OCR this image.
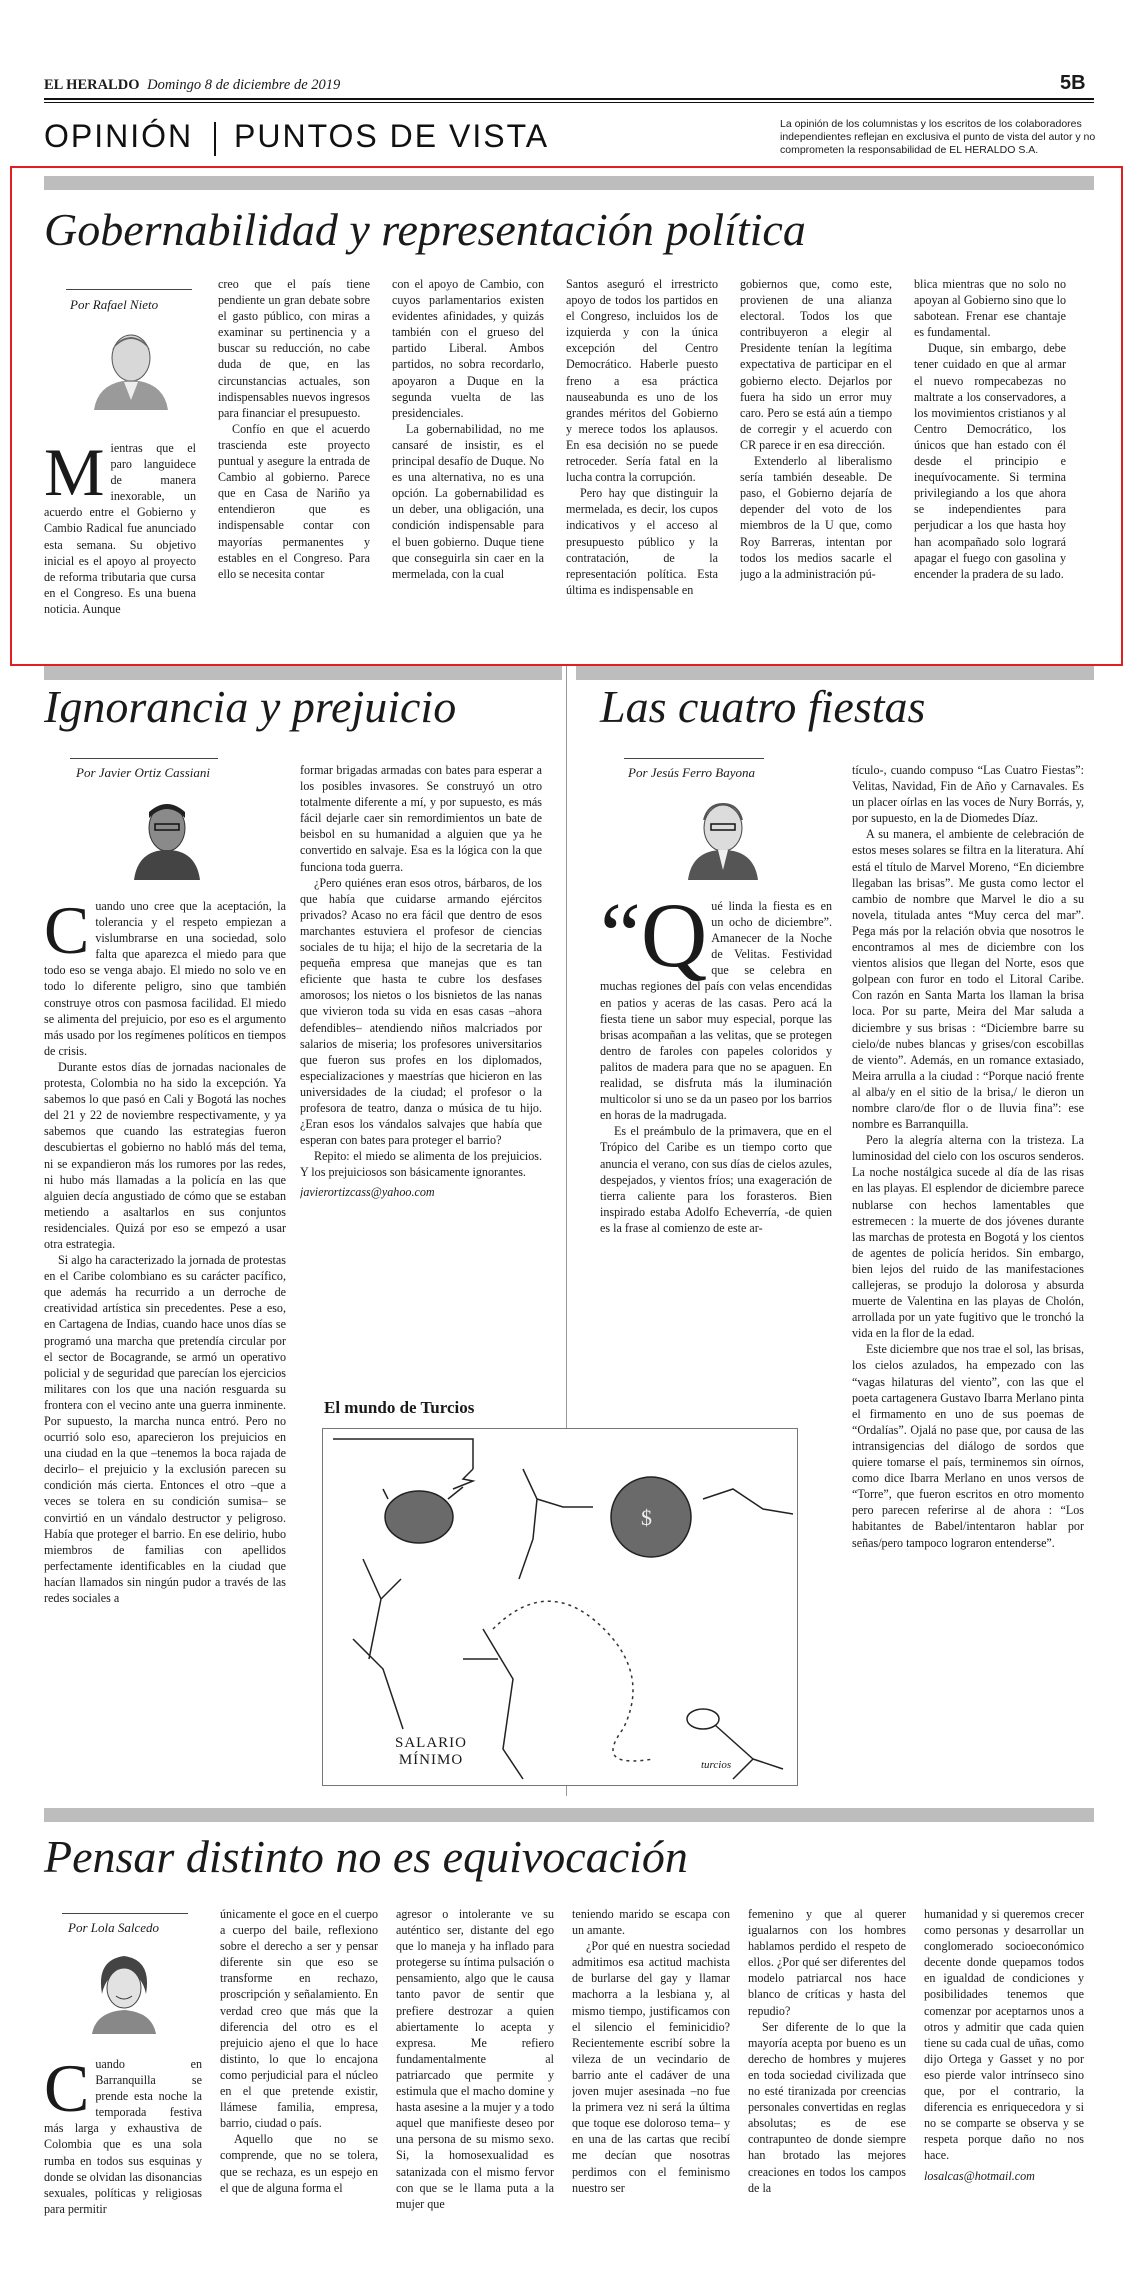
EL HERALDO Domingo 8 de diciembre de 2019	5B
OPINIÓN PUNTOS DE VISTA	La opinión de los columnistas y los escritos de los colaboradores independientes reflejan en exclusiva el punto de vista del autor y no comprometen la responsabilidad de EL HERALDO S.A.
Gobernabilidad y representación política
Por Rafael Nieto
M ientras que el paro languidece de manera inexorable, un acuerdo entre el Gobierno y Cambio Radical fue anunciado esta semana. Su objetivo inicial es el apoyo al proyecto de reforma tributaria que cursa en el Congreso. Es una buena noticia. Aunque

creo que el país tiene pendiente un gran debate sobre el gasto público, con miras a examinar su pertinencia y a buscar su reducción, no cabe duda de que, en las circunstancias actuales, son indispensables nuevos ingresos para financiar el presupuesto.

Confío en que el acuerdo trascienda este proyecto puntual y asegure la entrada de Cambio al gobierno. Parece que en Casa de Nariño ya entendieron que es indispensable contar con mayorías permanentes y estables en el Congreso. Para ello se necesita contar

con el apoyo de Cambio, con cuyos parlamentarios existen evidentes afinidades, y quizás también con el grueso del partido Liberal. Ambos partidos, no sobra recordarlo, apoyaron a Duque en la segunda vuelta de las presidenciales.

La gobernabilidad, no me cansaré de insistir, es el principal desafío de Duque. No es una alternativa, no es una opción. La gobernabilidad es un deber, una obligación, una condición indispensable para el buen gobierno. Duque tiene que conseguirla sin caer en la mermelada, con la cual

Santos aseguró el irrestricto apoyo de todos los partidos en el Congreso, incluidos los de izquierda y con la única excepción del Centro Democrático. Haberle puesto freno a esa práctica nauseabunda es uno de los grandes méritos del Gobierno y merece todos los aplausos. En esa decisión no se puede retroceder. Sería fatal en la lucha contra la corrupción.

Pero hay que distinguir la mermelada, es decir, los cupos indicativos y el acceso al presupuesto público y la contratación, de la representación política. Esta última es indispensable en

gobiernos que, como este, provienen de una alianza electoral. Todos los que contribuyeron a elegir al Presidente tenían la legítima expectativa de participar en el gobierno electo. Dejarlos por fuera ha sido un error muy caro. Pero se está aún a tiempo de corregir y el acuerdo con CR parece ir en esa dirección.

Extenderlo al liberalismo sería también deseable. De paso, el Gobierno dejaría de depender del voto de los miembros de la U que, como Roy Barreras, intentan por todos los medios sacarle el jugo a la administración pú-

blica mientras que no solo no apoyan al Gobierno sino que lo sabotean. Frenar ese chantaje es fundamental.

Duque, sin embargo, debe tener cuidado en que al armar el nuevo rompecabezas no maltrate a los conservadores, a los movimientos cristianos y al Centro Democrático, los únicos que han estado con él desde el principio e inequívocamente. Si termina privilegiando a los que ahora se independientes para perjudicar a los que hasta hoy han acompañado solo logrará apagar el fuego con gasolina y encender la pradera de su lado.

Ignorancia y prejuicio
Por Javier Ortiz Cassiani
C uando uno cree que la aceptación, la tolerancia y el respeto empiezan a vislumbrarse en una sociedad, solo falta que aparezca el miedo para que todo eso se venga abajo. El miedo no solo ve en todo lo diferente peligro, sino que también construye otros con pasmosa facilidad. El miedo se alimenta del prejuicio, por eso es el argumento más usado por los regímenes políticos en tiempos de crisis.

Durante estos días de jornadas nacionales de protesta, Colombia no ha sido la excepción. Ya sabemos lo que pasó en Cali y Bogotá las noches del 21 y 22 de noviembre respectivamente, y ya sabemos que cuando las estrategias fueron descubiertas el gobierno no habló más del tema, ni se expandieron más los rumores por las redes, ni hubo más llamadas a la policía en las que alguien decía angustiado de cómo que se estaban metiendo a asaltarlos en sus conjuntos residenciales. Quizá por eso se empezó a usar otra estrategia.

Si algo ha caracterizado la jornada de protestas en el Caribe colombiano es su carácter pacífico, que además ha recurrido a un derroche de creatividad artística sin precedentes. Pese a eso, en Cartagena de Indias, cuando hace unos días se programó una marcha que pretendía circular por el sector de Bocagrande, se armó un operativo policial y de seguridad que parecían los ejercicios militares con los que una nación resguarda su frontera con el vecino ante una guerra inminente. Por supuesto, la marcha nunca entró. Pero no ocurrió solo eso, aparecieron los prejuicios en una ciudad en la que –tenemos la boca rajada de decirlo– el prejuicio y la exclusión parecen su condición más cierta. Entonces el otro –que a veces se tolera en su condición sumisa– se convirtió en un vándalo destructor y peligroso. Había que proteger el barrio. En ese delirio, hubo miembros de familias con apellidos perfectamente identificables en la ciudad que hacían llamados sin ningún pudor a través de las redes sociales a

formar brigadas armadas con bates para esperar a los posibles invasores. Se construyó un otro totalmente diferente a mí, y por supuesto, es más fácil dejarle caer sin remordimientos un bate de beisbol en su humanidad a alguien que ya he convertido en salvaje. Esa es la lógica con la que funciona toda guerra.

¿Pero quiénes eran esos otros, bárbaros, de los que había que cuidarse armando ejércitos privados? Acaso no era fácil que dentro de esos marchantes estuviera el profesor de ciencias sociales de tu hija; el hijo de la secretaria de la pequeña empresa que manejas que es tan eficiente que hasta te cubre los desfases amorosos; los nietos o los bisnietos de las nanas que vivieron toda su vida en esas casas –ahora defendibles– atendiendo niños malcriados por salarios de miseria; los profesores universitarios que fueron sus profes en los diplomados, especializaciones y maestrías que hicieron en las universidades de la ciudad; el profesor o la profesora de teatro, danza o música de tu hijo. ¿Eran esos los vándalos salvajes que había que esperan con bates para proteger el barrio?

Repito: el miedo se alimenta de los prejuicios. Y los prejuiciosos son básicamente ignorantes.

javierortizcass@yahoo.com

El mundo de Turcios
$
SALARIO
MÍNIMO	turcios
Las cuatro fiestas
Por Jesús Ferro Bayona
“Q ué linda la fiesta es en un ocho de diciembre”. Amanecer de la Noche de Velitas. Festividad que se celebra en muchas regiones del país con velas encendidas en patios y aceras de las casas. Pero acá la fiesta tiene un sabor muy especial, porque las brisas acompañan a las velitas, que se protegen dentro de faroles con papeles coloridos y palitos de madera para que no se apaguen. En realidad, se disfruta más la iluminación multicolor si uno se da un paseo por los barrios en horas de la madrugada.

Es el preámbulo de la primavera, que en el Trópico del Caribe es un tiempo corto que anuncia el verano, con sus días de cielos azules, despejados, y vientos fríos; una exageración de tierra caliente para los forasteros. Bien inspirado estaba Adolfo Echeverría, -de quien es la frase al comienzo de este ar-

tículo-, cuando compuso “Las Cuatro Fiestas”: Velitas, Navidad, Fin de Año y Carnavales. Es un placer oírlas en las voces de Nury Borrás, y, por supuesto, en la de Diomedes Díaz.

A su manera, el ambiente de celebración de estos meses solares se filtra en la literatura. Ahí está el título de Marvel Moreno, “En diciembre llegaban las brisas”. Me gusta como lector el cambio de nombre que Marvel le dio a su novela, titulada antes “Muy cerca del mar”. Pega más por la relación obvia que nosotros le encontramos al mes de diciembre con los vientos alisios que llegan del Norte, esos que golpean con furor en todo el Litoral Caribe. Con razón en Santa Marta los llaman la brisa loca. Por su parte, Meira del Mar saluda a diciembre y sus brisas : “Diciembre barre su cielo/de nubes blancas y grises/con escobillas de viento”. Además, en un romance extasiado, Meira arrulla a la ciudad : “Porque nació frente al alba/y en el sitio de la brisa,/ le dieron un nombre claro/de flor o de lluvia fina”: ese nombre es Barranquilla.

Pero la alegría alterna con la tristeza. La luminosidad del cielo con los oscuros senderos. La noche nostálgica sucede al día de las risas en las playas. El esplendor de diciembre parece nublarse con hechos lamentables que estremecen : la muerte de dos jóvenes durante las marchas de protesta en Bogotá y los cientos de agentes de policía heridos. Sin embargo, bien lejos del ruido de las manifestaciones callejeras, se produjo la dolorosa y absurda muerte de Valentina en las playas de Cholón, arrollada por un yate fugitivo que le tronchó la vida en la flor de la edad.

Este diciembre que nos trae el sol, las brisas, los cielos azulados, ha empezado con las “vagas hilaturas del viento”, con las que el poeta cartagenera Gustavo Ibarra Merlano pinta el firmamento en uno de sus poemas de “Ordalías”. Ojalá no pase que, por causa de las intransigencias del diálogo de sordos que quiere tomarse el país, terminemos sin oírnos, como dice Ibarra Merlano en unos versos de “Torre”, que fueron escritos en otro momento pero parecen referirse al de ahora : “Los habitantes de Babel/intentaron hablar por señas/pero tampoco lograron entenderse”.

Pensar distinto no es equivocación
Por Lola Salcedo
C uando en Barranquilla se prende esta noche la temporada festiva más larga y exhaustiva de Colombia que es una sola rumba en todos sus esquinas y donde se olvidan las disonancias sexuales, políticas y religiosas para permitir

únicamente el goce en el cuerpo a cuerpo del baile, reflexiono sobre el derecho a ser y pensar diferente sin que eso se transforme en rechazo, proscripción y señalamiento. En verdad creo que más que la diferencia del otro es el prejuicio ajeno el que lo hace distinto, lo que lo encajona como perjudicial para el núcleo en el que pretende existir, llámese familia, empresa, barrio, ciudad o país.

Aquello que no se comprende, que no se tolera, que se rechaza, es un espejo en el que de alguna forma el

agresor o intolerante ve su auténtico ser, distante del ego que lo maneja y ha inflado para protegerse su íntima pulsación o pensamiento, algo que le causa tanto pavor de sentir que prefiere destrozar a quien abiertamente lo acepta y expresa. Me refiero fundamentalmente al patriarcado que permite y estimula que el macho domine y hasta asesine a la mujer y a todo aquel que manifieste deseo por una persona de su mismo sexo. Si, la homosexualidad es satanizada con el mismo fervor con que se le llama puta a la mujer que

teniendo marido se escapa con un amante.

¿Por qué en nuestra sociedad admitimos esa actitud machista de burlarse del gay y llamar machorra a la lesbiana y, al mismo tiempo, justificamos con el silencio el feminicidio? Recientemente escribí sobre la vileza de un vecindario de barrio ante el cadáver de una joven mujer asesinada –no fue la primera vez ni será la última que toque ese doloroso tema– y en una de las cartas que recibí me decían que nosotras perdimos con el feminismo nuestro ser

femenino y que al querer igualarnos con los hombres hablamos perdido el respeto de ellos. ¿Por qué ser diferentes del modelo patriarcal nos hace blanco de críticas y hasta del repudio?

Ser diferente de lo que la mayoría acepta por bueno es un derecho de hombres y mujeres en toda sociedad civilizada que no esté tiranizada por creencias personales convertidas en reglas absolutas; es de ese contrapunteo de donde siempre han brotado las mejores creaciones en todos los campos de la

humanidad y si queremos crecer como personas y desarrollar un conglomerado socioeconómico decente donde quepamos todos en igualdad de condiciones y posibilidades tenemos que comenzar por aceptarnos unos a otros y admitir que cada quien tiene su cada cual de uñas, como dijo Ortega y Gasset y no por eso pierde valor intrínseco sino que, por el contrario, la diferencia es enriquecedora y si no se comparte se observa y se respeta porque daño no nos hace.

losalcas@hotmail.com
